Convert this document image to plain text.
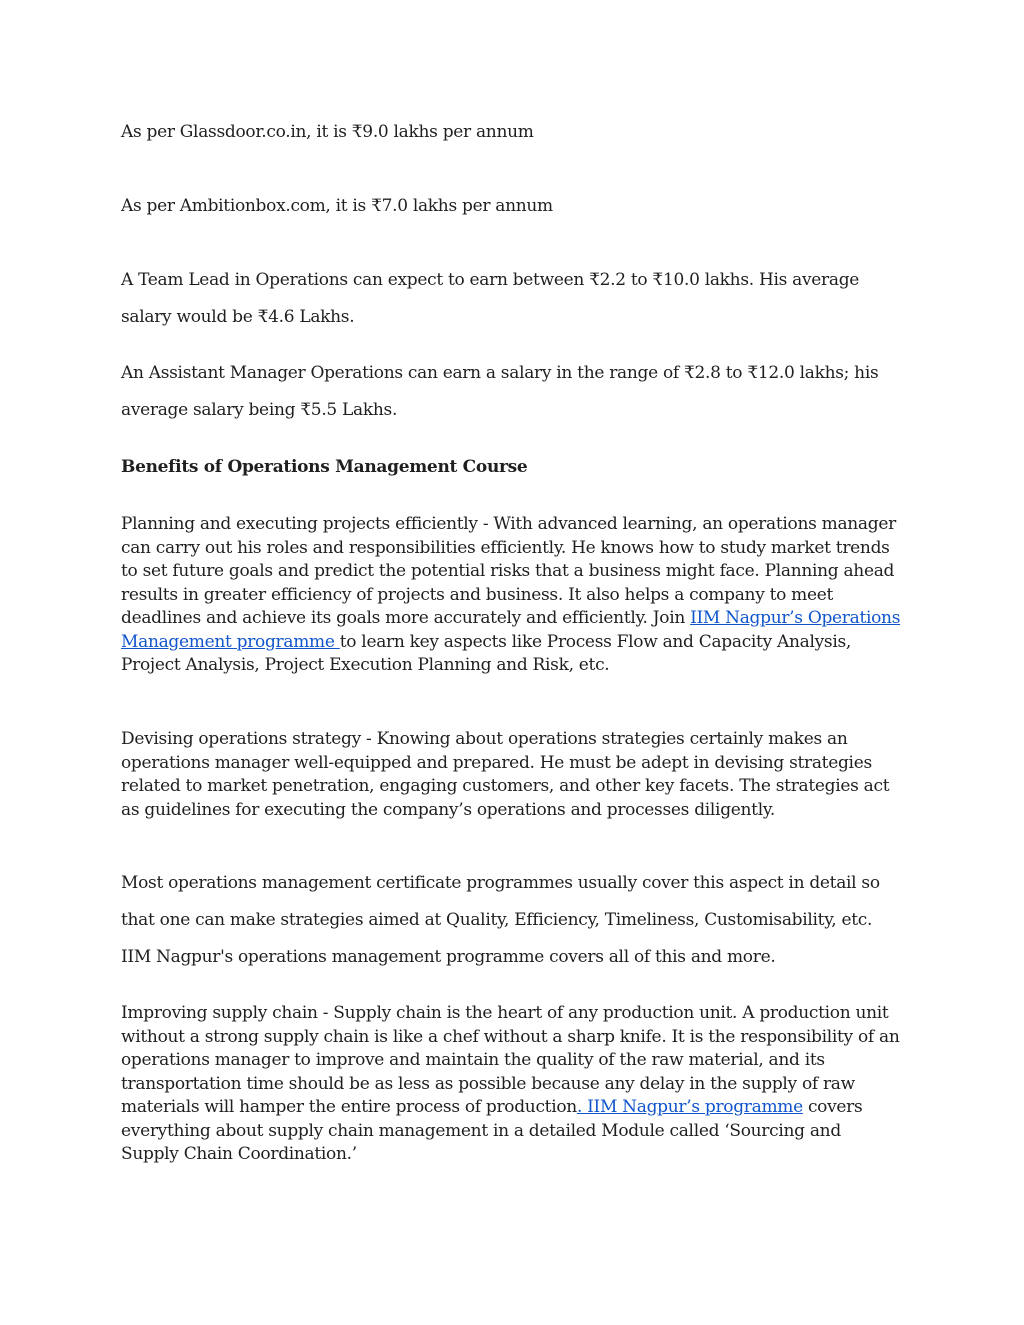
As per Glassdoor.co.in, it is ₹9.0 lakhs per annum

As per Ambitionbox.com, it is ₹7.0 lakhs per annum

A Team Lead in Operations can expect to earn between ₹2.2 to ₹10.0 lakhs. His average salary would be ₹4.6 Lakhs.

An Assistant Manager Operations can earn a salary in the range of ₹2.8 to ₹12.0 lakhs; his average salary being ₹5.5 Lakhs.

Benefits of Operations Management Course

Planning and executing projects efficiently - With advanced learning, an operations manager can carry out his roles and responsibilities efficiently. He knows how to study market trends to set future goals and predict the potential risks that a business might face. Planning ahead results in greater efficiency of projects and business. It also helps a company to meet deadlines and achieve its goals more accurately and efficiently. Join IIM Nagpur’s Operations Management programme to learn key aspects like Process Flow and Capacity Analysis, Project Analysis, Project Execution Planning and Risk, etc.

Devising operations strategy - Knowing about operations strategies certainly makes an operations manager well-equipped and prepared. He must be adept in devising strategies related to market penetration, engaging customers, and other key facets. The strategies act as guidelines for executing the company’s operations and processes diligently.

Most operations management certificate programmes usually cover this aspect in detail so that one can make strategies aimed at Quality, Efficiency, Timeliness, Customisability, etc. IIM Nagpur's operations management programme covers all of this and more.

Improving supply chain - Supply chain is the heart of any production unit. A production unit without a strong supply chain is like a chef without a sharp knife. It is the responsibility of an operations manager to improve and maintain the quality of the raw material, and its transportation time should be as less as possible because any delay in the supply of raw materials will hamper the entire process of production. IIM Nagpur’s programme covers everything about supply chain management in a detailed Module called ‘Sourcing and Supply Chain Coordination.’
